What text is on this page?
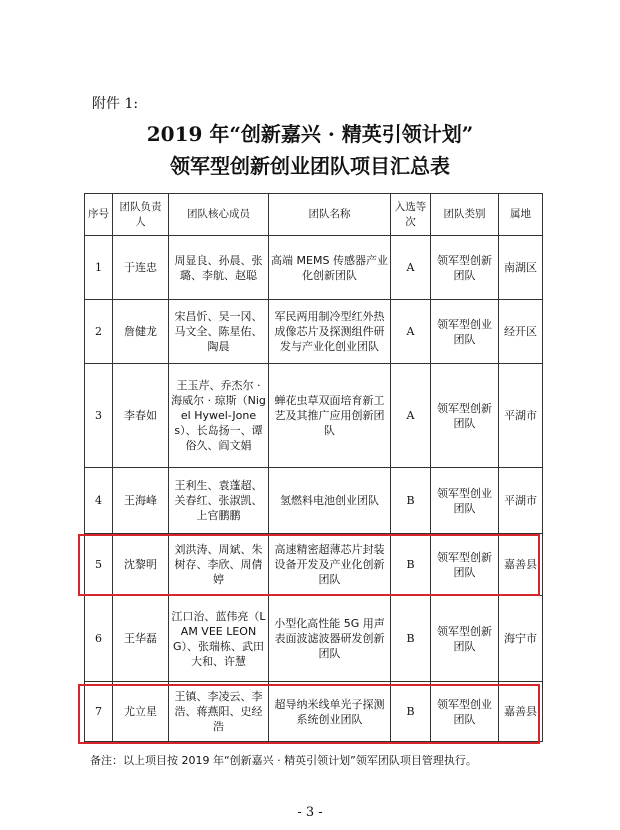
附件 1:
2019 年“创新嘉兴 · 精英引领计划”
领军型创新创业团队项目汇总表
序号	团队负责人	团队核心成员	团队名称	入选等次	团队类别	属地
1	于连忠	周显良、孙晨、张璐、李航、赵聪	高端 MEMS 传感器产业化创新团队	A	领军型创新团队	南湖区
2	詹健龙	宋昌忻、吴一冈、马文全、陈星佑、陶晨	军民两用制冷型红外热成像芯片及探测组件研发与产业化创业团队	A	领军型创业团队	经开区
3	李春如	王玉芹、乔杰尔 · 海威尔 · 琼斯（Nigel Hywel-Jones）、长岛扬一、谭俗久、阎文娟	蝉花虫草双面培育新工艺及其推广应用创新团队	A	领军型创新团队	平湖市
4	王海峰	王利生、袁蓬超、关春红、张淑凯、上官鹏鹏	氢燃料电池创业团队	B	领军型创业团队	平湖市
5	沈黎明	刘洪涛、周斌、朱树存、李欣、周倩婷	高速精密超薄芯片封装设备开发及产业化创新团队	B	领军型创新团队	嘉善县
6	王华磊	江口治、蓝伟亮（LAM VEE LEONG）、张瑞栋、武田大和、许慧	小型化高性能 5G 用声表面波滤波器研发创新团队	B	领军型创新团队	海宁市
7	尤立星	王镇、李凌云、李浩、蒋燕阳、史经浩	超导纳米线单光子探测系统创业团队	B	领军型创业团队	嘉善县
备注：以上项目按 2019 年“创新嘉兴 · 精英引领计划”领军团队项目管理执行。
- 3 -
